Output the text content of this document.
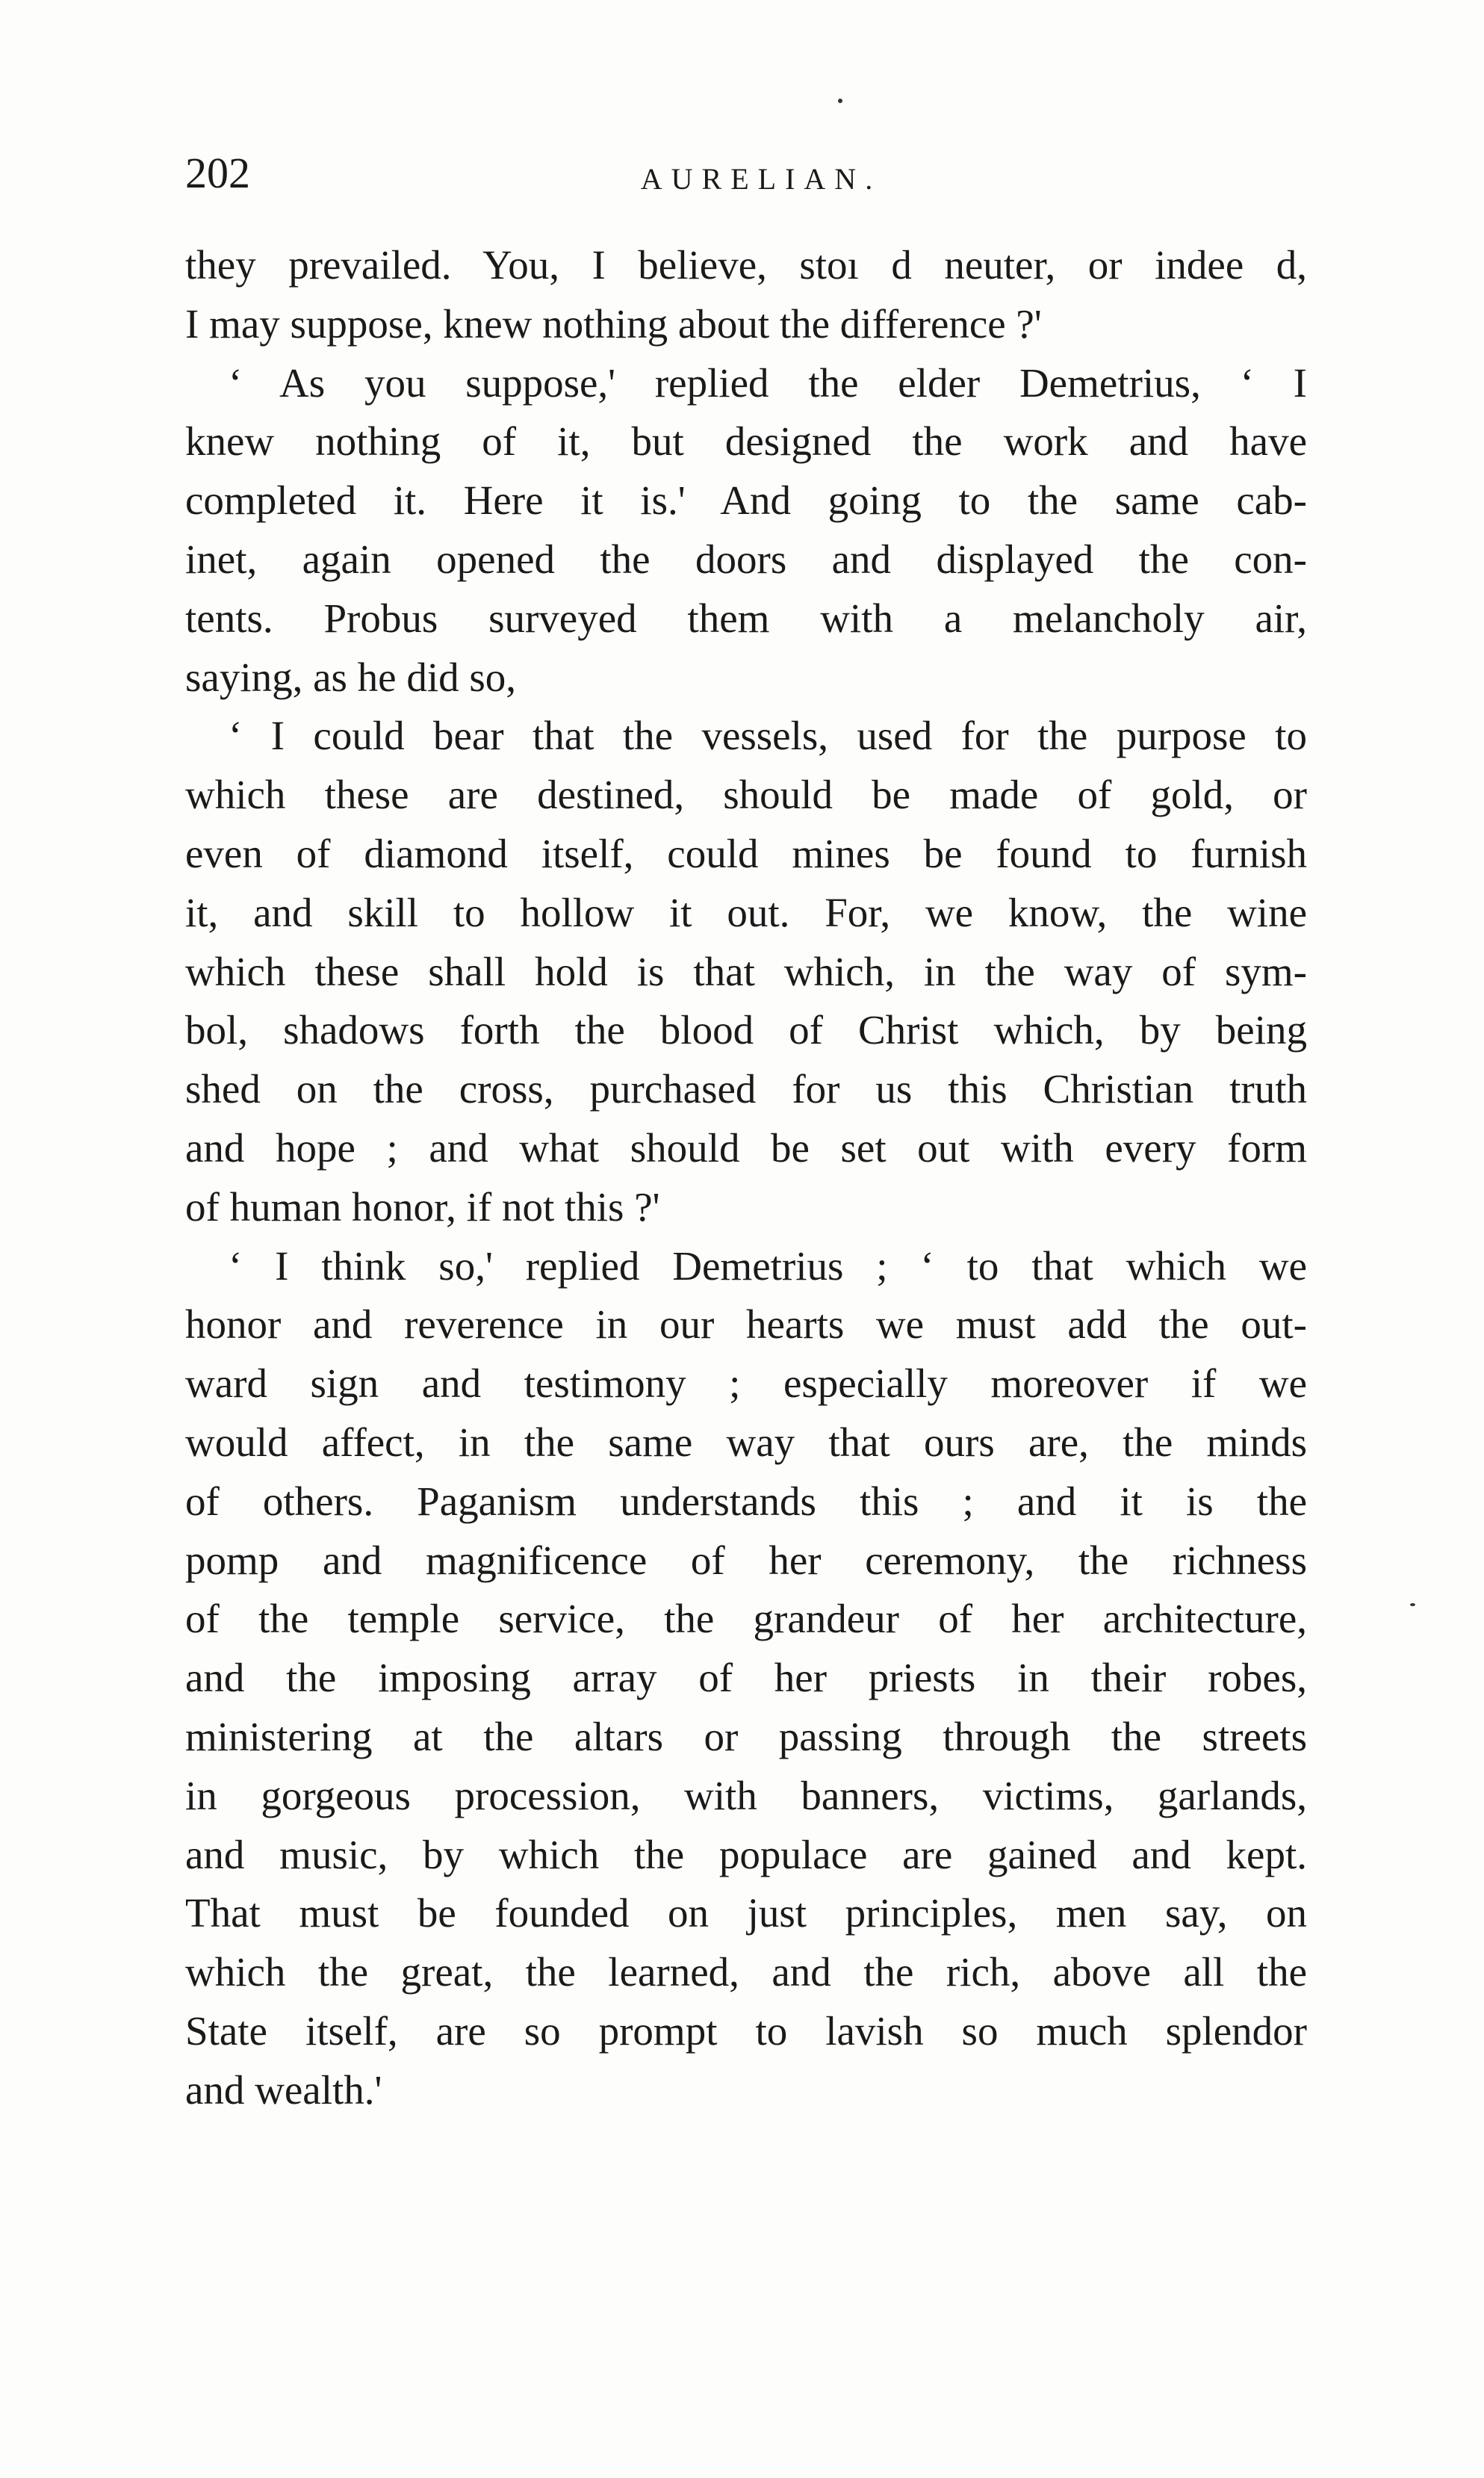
202	AURELIAN.
they prevailed. You, I believe, stoı d neuter, or indee d,
I may suppose, knew nothing about the difference ?'
‘ As you suppose,' replied the elder Demetrius, ‘ I
knew nothing of it, but designed the work and have
completed it. Here it is.' And going to the same cab-
inet, again opened the doors and displayed the con-
tents. Probus surveyed them with a melancholy air,
saying, as he did so,
‘ I could bear that the vessels, used for the purpose to
which these are destined, should be made of gold, or
even of diamond itself, could mines be found to furnish
it, and skill to hollow it out. For, we know, the wine
which these shall hold is that which, in the way of sym-
bol, shadows forth the blood of Christ which, by being
shed on the cross, purchased for us this Christian truth
and hope ; and what should be set out with every form
of human honor, if not this ?'
‘ I think so,' replied Demetrius ; ‘ to that which we
honor and reverence in our hearts we must add the out-
ward sign and testimony ; especially moreover if we
would affect, in the same way that ours are, the minds
of others. Paganism understands this ; and it is the
pomp and magnificence of her ceremony, the richness
of the temple service, the grandeur of her architecture,
and the imposing array of her priests in their robes,
ministering at the altars or passing through the streets
in gorgeous procession, with banners, victims, garlands,
and music, by which the populace are gained and kept.
That must be founded on just principles, men say, on
which the great, the learned, and the rich, above all the
State itself, are so prompt to lavish so much splendor
and wealth.'
